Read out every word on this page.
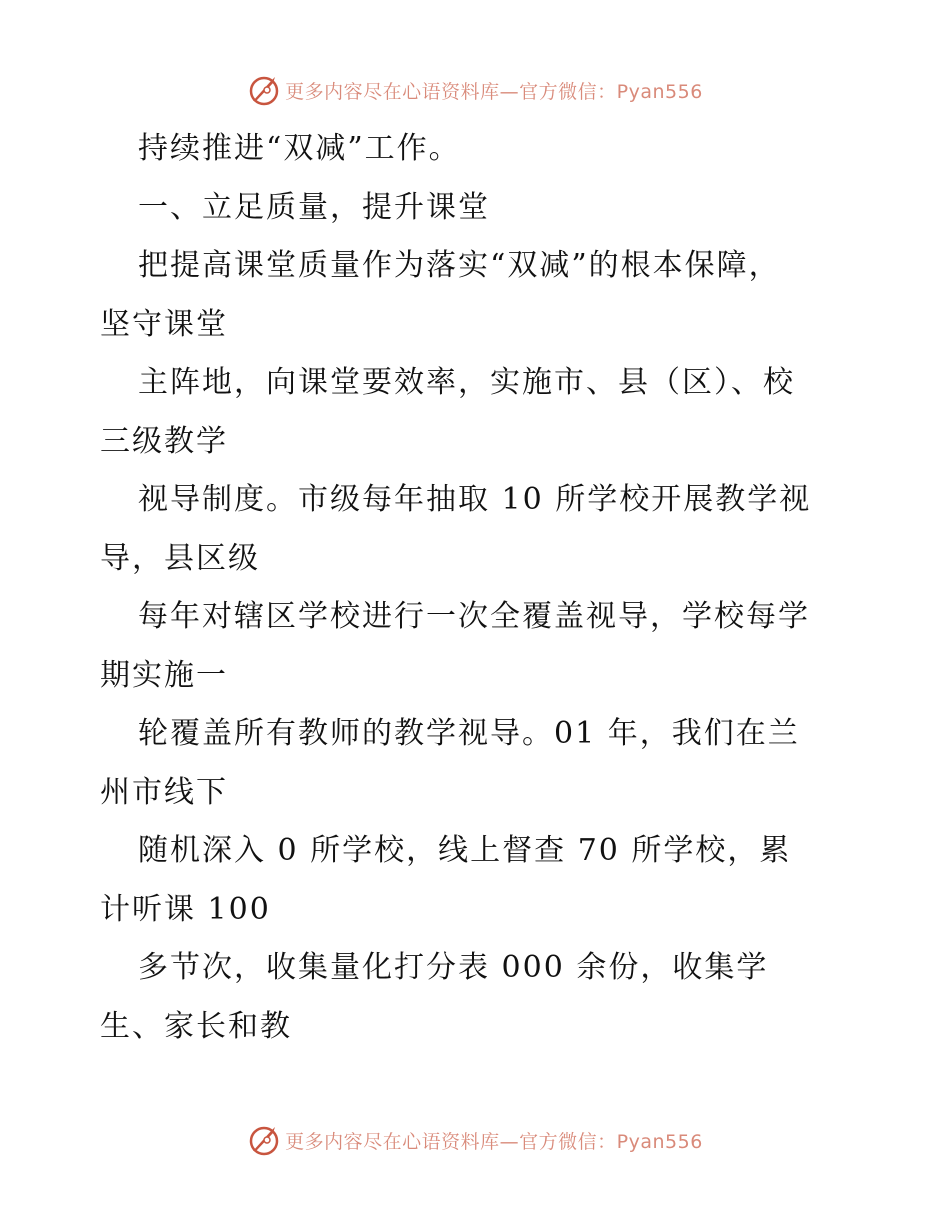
更多内容尽在心语资料库—官方微信：Pyan556
持续推进“双减”工作。
一、立足质量，提升课堂
把提高课堂质量作为落实“双减”的根本保障，
坚守课堂
主阵地，向课堂要效率，实施市、县（区）、校
三级教学
视导制度。市级每年抽取 10 所学校开展教学视
导，县区级
每年对辖区学校进行一次全覆盖视导，学校每学
期实施一
轮覆盖所有教师的教学视导。01 年，我们在兰
州市线下
随机深入 0 所学校，线上督查 70 所学校，累
计听课 100
多节次，收集量化打分表 000 余份，收集学
生、家长和教
更多内容尽在心语资料库—官方微信：Pyan556
